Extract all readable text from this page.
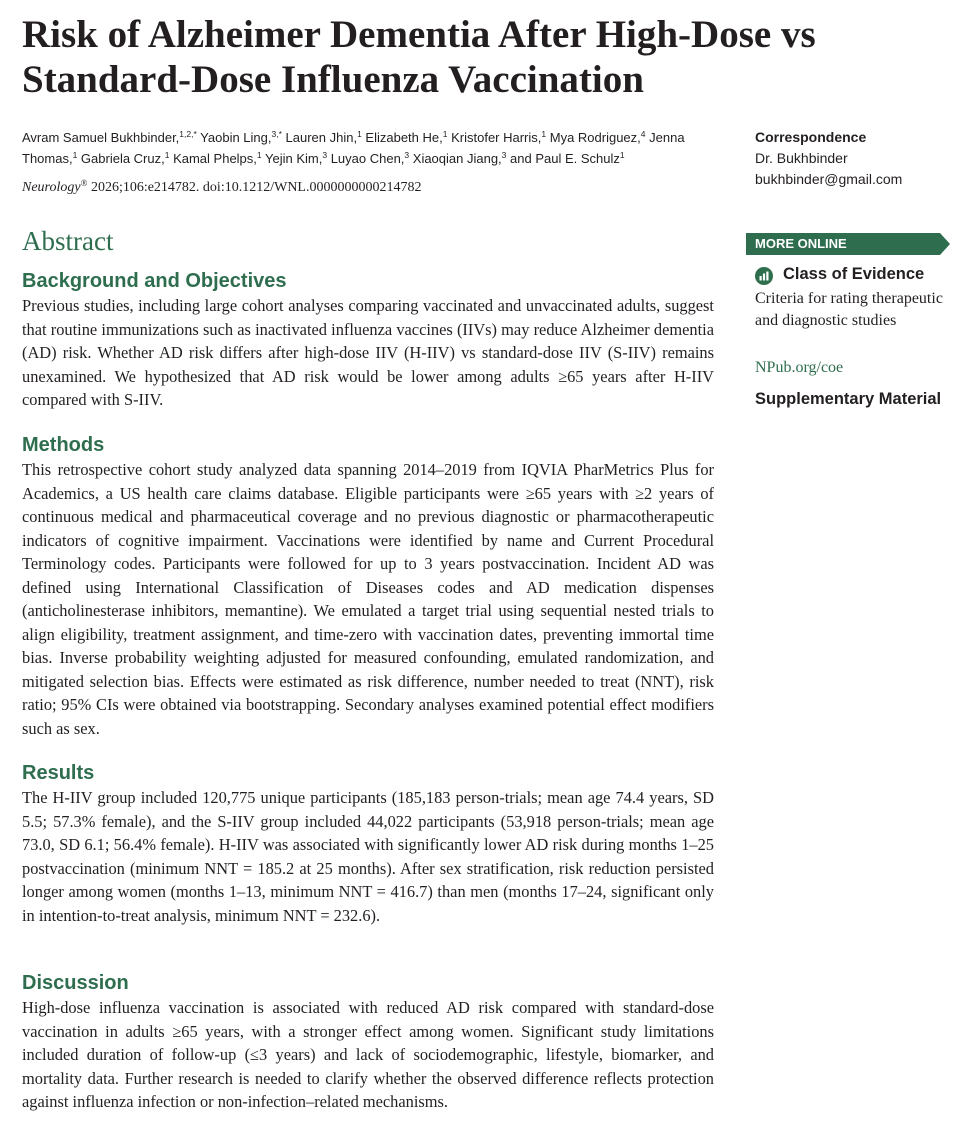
Risk of Alzheimer Dementia After High-Dose vs Standard-Dose Influenza Vaccination
Avram Samuel Bukhbinder,$^{1,2,*}$ Yaobin Ling,$^{3,*}$ Lauren Jhin,$^1$ Elizabeth He,$^1$ Kristofer Harris,$^1$ Mya Rodriguez,$^4$ Jenna Thomas,$^1$ Gabriela Cruz,$^1$ Kamal Phelps,$^1$ Yejin Kim,$^3$ Luyao Chen,$^3$ Xiaoqian Jiang,$^3$ and Paul E. Schulz$^1$
Neurology® 2026;106:e214782. doi:10.1212/WNL.0000000000214782
Abstract
Background and Objectives

Previous studies, including large cohort analyses comparing vaccinated and unvaccinated adults, suggest that routine immunizations such as inactivated influenza vaccines (IIVs) may reduce Alzheimer dementia (AD) risk. Whether AD risk differs after high-dose IIV (H-IIV) vs standard-dose IIV (S-IIV) remains unexamined. We hypothesized that AD risk would be lower among adults ≥65 years after H-IIV compared with S-IIV.

Methods

This retrospective cohort study analyzed data spanning 2014–2019 from IQVIA PharMetrics Plus for Academics, a US health care claims database. Eligible participants were ≥65 years with ≥2 years of continuous medical and pharmaceutical coverage and no previous diagnostic or pharmacotherapeutic indicators of cognitive impairment. Vaccinations were identified by name and Current Procedural Terminology codes. Participants were followed for up to 3 years postvaccination. Incident AD was defined using International Classification of Diseases codes and AD medication dispenses (anticholinesterase inhibitors, memantine). We emulated a target trial using sequential nested trials to align eligibility, treatment assignment, and time-zero with vaccination dates, preventing immortal time bias. Inverse probability weighting adjusted for measured confounding, emulated randomization, and mitigated selection bias. Effects were estimated as risk difference, number needed to treat (NNT), risk ratio; 95% CIs were obtained via bootstrapping. Secondary analyses examined potential effect modifiers such as sex.

Results

The H-IIV group included 120,775 unique participants (185,183 person-trials; mean age 74.4 years, SD 5.5; 57.3% female), and the S-IIV group included 44,022 participants (53,918 person-trials; mean age 73.0, SD 6.1; 56.4% female). H-IIV was associated with significantly lower AD risk during months 1–25 postvaccination (minimum NNT = 185.2 at 25 months). After sex stratification, risk reduction persisted longer among women (months 1–13, minimum NNT = 416.7) than men (months 17–24, significant only in intention-to-treat analysis, minimum NNT = 232.6).

Discussion

High-dose influenza vaccination is associated with reduced AD risk compared with standard-dose vaccination in adults ≥65 years, with a stronger effect among women. Significant study limitations included duration of follow-up (≤3 years) and lack of sociodemographic, lifestyle, biomarker, and mortality data. Further research is needed to clarify whether the observed difference reflects protection against influenza infection or non-infection–related mechanisms.

Correspondence
Dr. Bukhbinder
bukhbinder@gmail.com
MORE ONLINE
Class of Evidence
Criteria for rating therapeutic and diagnostic studies
NPub.org/coe
Supplementary Material
